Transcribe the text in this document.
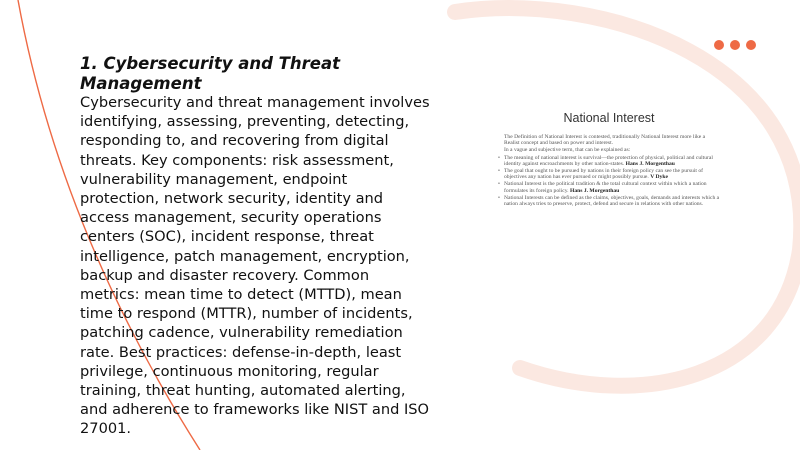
1. Cybersecurity and Threat Management

Cybersecurity and threat management involves identifying, assessing, preventing, detecting, responding to, and recovering from digital threats. Key components: risk assessment, vulnerability management, endpoint protection, network security, identity and access management, security operations centers (SOC), incident response, threat intelligence, patch management, encryption, backup and disaster recovery. Common metrics: mean time to detect (MTTD), mean time to respond (MTTR), number of incidents, patching cadence, vulnerability remediation rate. Best practices: defense-in-depth, least privilege, continuous monitoring, regular training, threat hunting, automated alerting, and adherence to frameworks like NIST and ISO 27001.

National Interest
The Definition of National Interest is contested, traditionally National Interest more like a Realist concept and based on power and interest.
In a vague and subjective term, that can be explained as:
• The meaning of national interest is survival—the protection of physical, political and cultural identity against encroachments by other nation-states. Hans J. Morgenthau
• The goal that ought to be pursued by nations in their foreign policy can see the pursuit of objectives any nation has ever pursued or might possibly pursue. V Dyke
• National Interest is the political tradition & the total cultural context within which a nation formulates its foreign policy. Hans J. Morgenthau
• National Interests can be defined as the claims, objectives, goals, demands and interests which a nation always tries to preserve, protect, defend and secure in relations with other nations.
